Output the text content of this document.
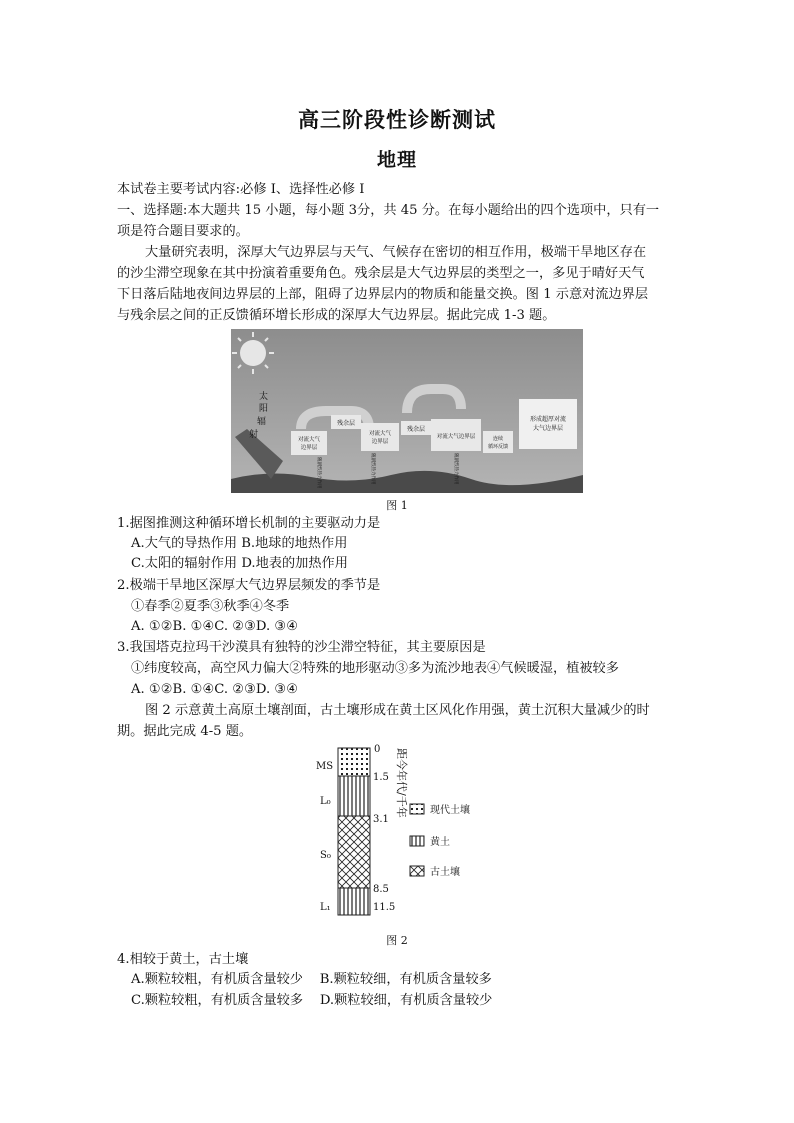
高三阶段性诊断测试
地理
本试卷主要考试内容:必修 I、选择性必修 I
一、选择题:本大题共 15 小题，每小题 3分，共 45 分。在每小题给出的四个选项中，只有一
项是符合题目要求的。
大量研究表明，深厚大气边界层与天气、气候存在密切的相互作用，极端干旱地区存在
的沙尘滞空现象在其中扮演着重要角色。残余层是大气边界层的类型之一，多见于晴好天气
下日落后陆地夜间边界层的上部，阻碍了边界层内的物质和能量交换。图 1 示意对流边界层
与残余层之间的正反馈循环增长形成的深厚大气边界层。据此完成 1-3 题。
太
阳
辐
射	对流大气
边界层
残余层
对流大气
边界层
残余层
对流大气边界层	连续
循环反馈
形成超厚对流
大气边界层
随剧烈热力作用	随剧烈热力作用	随剧烈热力作用
图 1
1.据图推测这种循环增长机制的主要驱动力是
A.大气的导热作用 B.地球的地热作用
C.太阳的辐射作用 D.地表的加热作用
2.极端干旱地区深厚大气边界层频发的季节是
①春季②夏季③秋季④冬季
A. ①②B. ①④C. ②③D. ③④
3.我国塔克拉玛干沙漠具有独特的沙尘滞空特征，其主要原因是
①纬度较高，高空风力偏大②特殊的地形驱动③多为流沙地表④气候暖湿，植被较多
A. ①②B. ①④C. ②③D. ③④
图 2 示意黄土高原土壤剖面，古土壤形成在黄土区风化作用强，黄土沉积大量减少的时
期。据此完成 4-5 题。
MS
L₀
S₀
L₁
0
1.5
3.1
8.5
11.5
距今年代/千年 现代土壤
黄土
古土壤
图 2
4.相较于黄土，古土壤
A.颗粒较粗，有机质含量较少    B.颗粒较细，有机质含量较多
C.颗粒较粗，有机质含量较多    D.颗粒较细，有机质含量较少
